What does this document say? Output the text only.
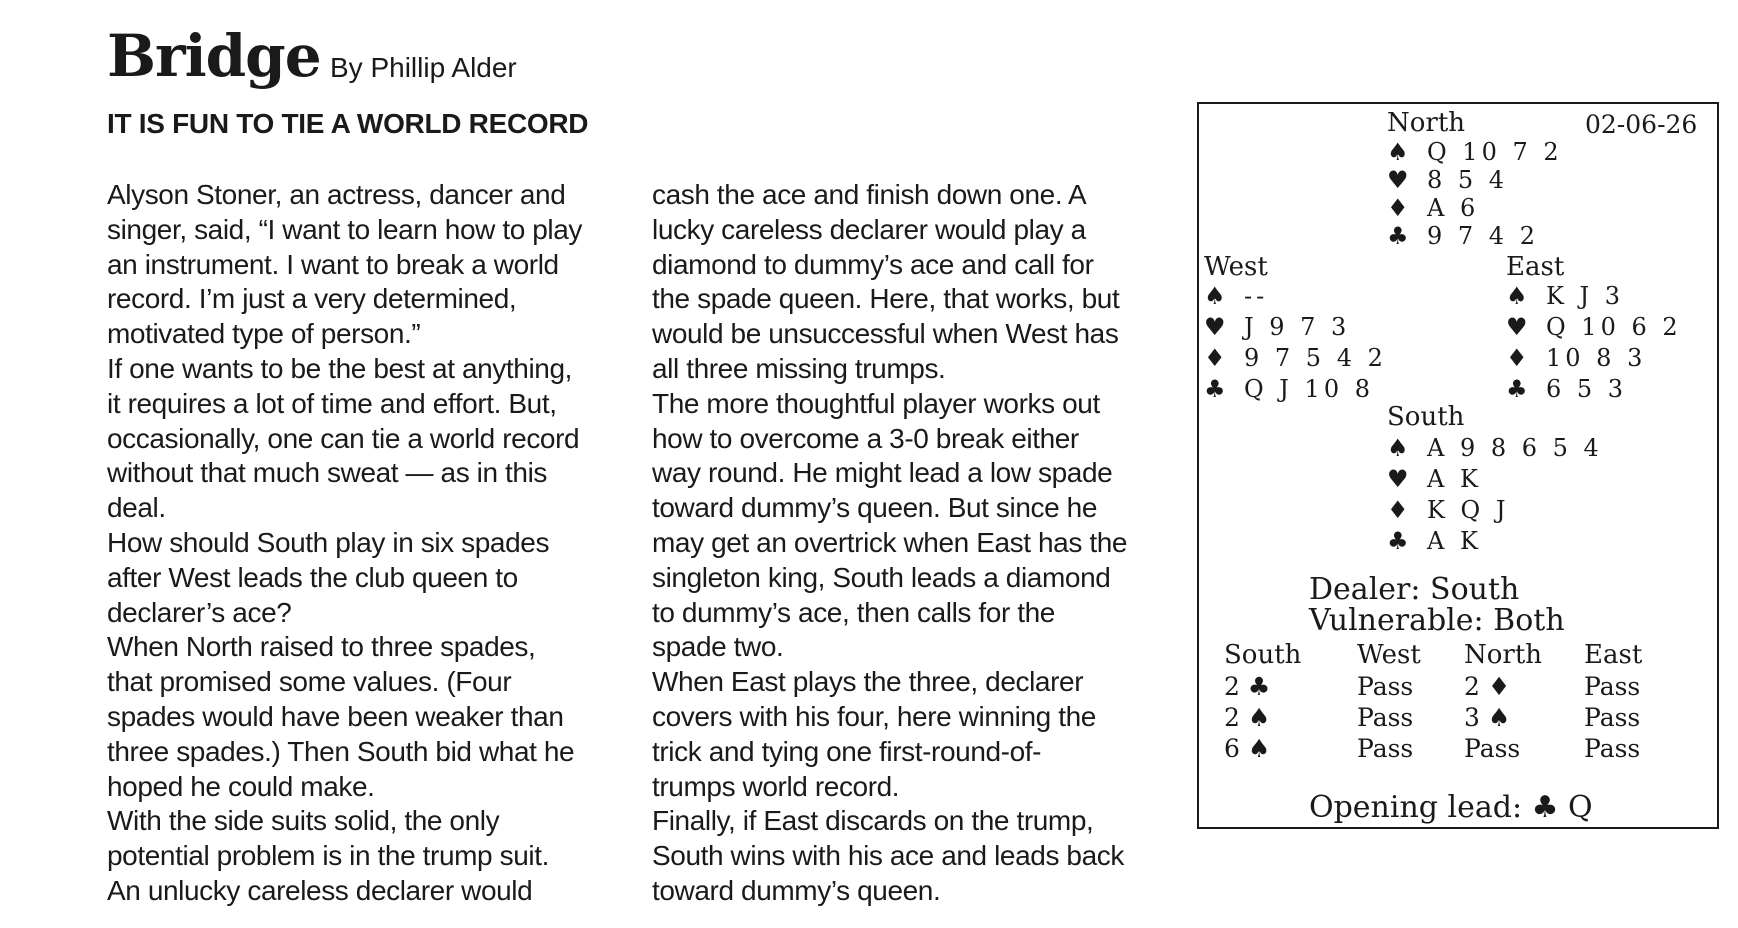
Bridge By Phillip Alder
IT IS FUN TO TIE A WORLD RECORD
Alyson Stoner, an actress, dancer and
singer, said, “I want to learn how to play
an instrument. I want to break a world
record. I’m just a very determined,
motivated type of person.”
If one wants to be the best at anything,
it requires a lot of time and effort. But,
occasionally, one can tie a world record
without that much sweat — as in this
deal.
How should South play in six spades
after West leads the club queen to
declarer’s ace?
When North raised to three spades,
that promised some values. (Four
spades would have been weaker than
three spades.) Then South bid what he
hoped he could make.
With the side suits solid, the only
potential problem is in the trump suit.
An unlucky careless declarer would
cash the ace and finish down one. A
lucky careless declarer would play a
diamond to dummy’s ace and call for
the spade queen. Here, that works, but
would be unsuccessful when West has
all three missing trumps.
The more thoughtful player works out
how to overcome a 3-0 break either
way round. He might lead a low spade
toward dummy’s queen. But since he
may get an overtrick when East has the
singleton king, South leads a diamond
to dummy’s ace, then calls for the
spade two.
When East plays the three, declarer
covers with his four, here winning the
trick and tying one first-round-of-
trumps world record.
Finally, if East discards on the trump,
South wins with his ace and leads back
toward dummy’s queen.
North	02-06-26
♠ Q 10 7 2
♥ 8 5 4
♦ A 6
♣ 9 7 4 2
West
♠ --
♥ J 9 7 3
♦ 9 7 5 4 2
♣ Q J 10 8
East
♠ K J 3
♥ Q 10 6 2
♦ 10 8 3
♣ 6 5 3
South
♠ A 9 8 6 5 4
♥ A K
♦ K Q J
♣ A K
Dealer: South
Vulnerable: Both
South West North East
2 ♣	Pass 2 ♦	Pass
2 ♠	Pass 3 ♠	Pass
6 ♠	Pass Pass	Pass
Opening lead: ♣ Q
